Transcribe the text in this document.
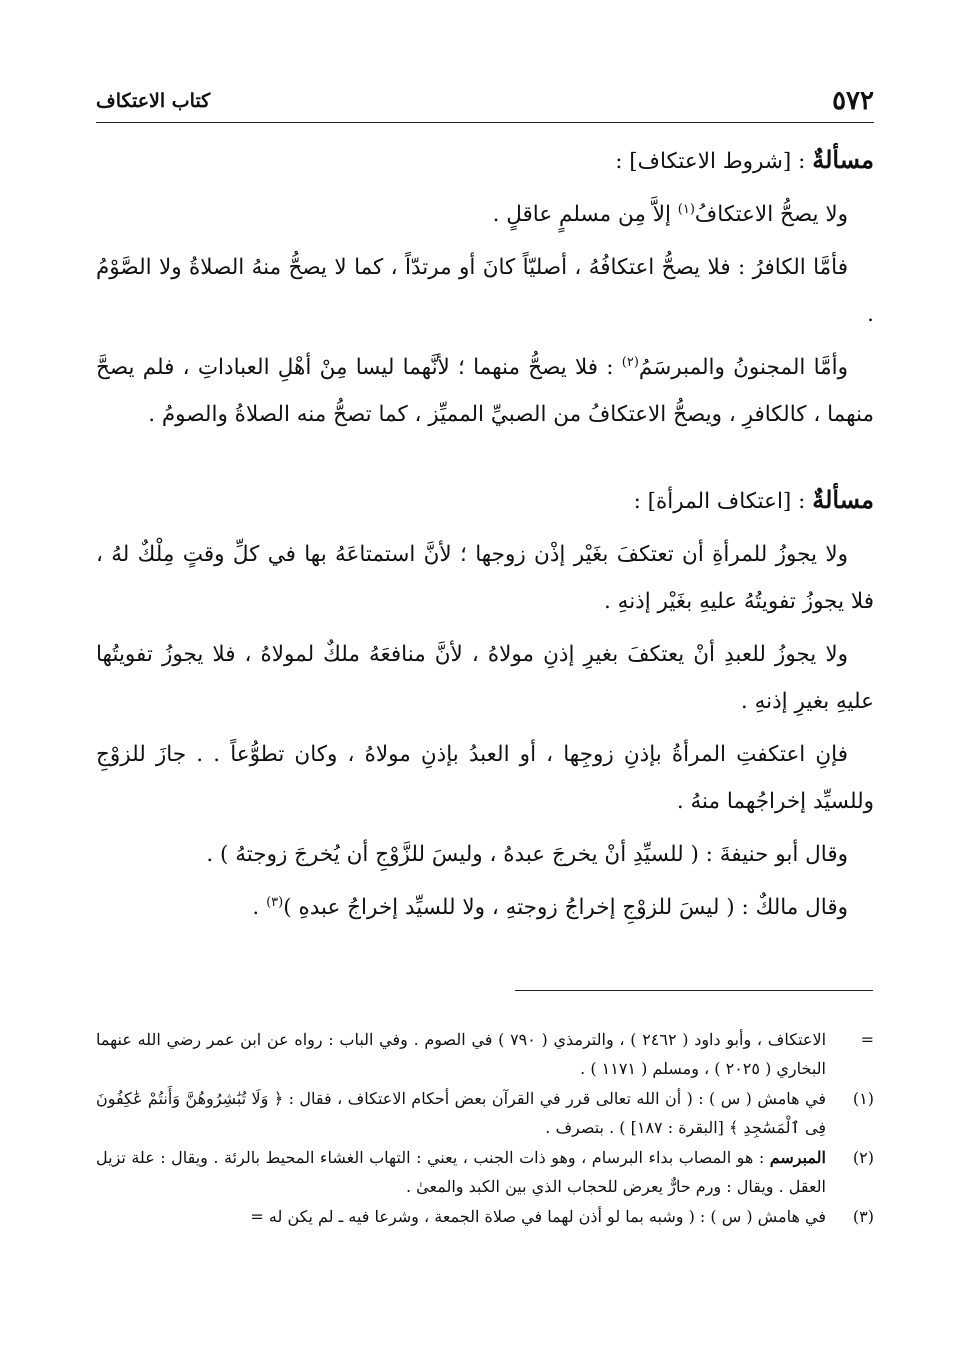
٥٧٢
كتاب الاعتكاف

مسألةٌ : [شروط الاعتكاف] :

ولا يصحُّ الاعتكافُ$^{(١)}$ إلاَّ مِن مسلمٍ عاقلٍ .

فأمَّا الكافرُ : فلا يصحُّ اعتكافُهُ ، أصليّاً كانَ أو مرتدّاً ، كما لا يصحُّ منهُ الصلاةُ ولا الصَّوْمُ .

وأمَّا المجنونُ والمبرسَمُ$^{(٢)}$ : فلا يصحُّ منهما ؛ لأنَّهما ليسا مِنْ أهْلِ العباداتِ ، فلم يصحَّ منهما ، كالكافرِ ، ويصحُّ الاعتكافُ من الصبيِّ المميِّز ، كما تصحُّ منه الصلاةُ والصومُ .

مسألةٌ : [اعتكاف المرأة] :

ولا يجوزُ للمرأةِ أن تعتكفَ بغَيْر إذْن زوجها ؛ لأنَّ استمتاعَهُ بها في كلِّ وقتٍ مِلْكٌ لهُ ، فلا يجوزُ تفويتُهُ عليهِ بغَيْر إذنهِ .

ولا يجوزُ للعبدِ أنْ يعتكفَ بغيرِ إذنِ مولاهُ ، لأنَّ منافعَهُ ملكٌ لمولاهُ ، فلا يجوزُ تفويتُها عليهِ بغيرِ إذنهِ .

فإنِ اعتكفتِ المرأةُ بإذنِ زوجِها ، أو العبدُ بإذنِ مولاهُ ، وكان تطوُّعاً . . جازَ للزوْجِ وللسيِّد إخراجُهما منهُ .

وقال أبو حنيفةَ : ( للسيِّدِ أنْ يخرجَ عبدهُ ، وليسَ للزَّوْجِ أن يُخرجَ زوجتهُ ) .

وقال مالكٌ : ( ليسَ للزوْجِ إخراجُ زوجتهِ ، ولا للسيِّد إخراجُ عبدهِ )$^{(٣)}$ .

=
الاعتكاف ، وأبو داود ( ٢٤٦٢ ) ، والترمذي ( ٧٩٠ ) في الصوم . وفي الباب : رواه عن ابن عمر رضي الله عنهما البخاري ( ٢٠٢٥ ) ، ومسلم ( ١١٧١ ) .
(١)
في هامش ( س ) : ( أن الله تعالى قرر في القرآن بعض أحكام الاعتكاف ، فقال : ﴿ وَلَا تُبَٰشِرُوهُنَّ وَأَنتُمْ عَٰكِفُونَ فِى ٱلْمَسَٰجِدِ ﴾ [البقرة : ١٨٧] ) . بتصرف .
(٢)
المبرسم : هو المصاب بداء البرسام ، وهو ذات الجنب ، يعني : التهاب الغشاء المحيط بالرئة . ويقال : علة تزيل العقل . ويقال : ورم حارٌّ يعرض للحجاب الذي بين الكبد والمعىٰ .
(٣)
في هامش ( س ) : ( وشبه بما لو أذن لهما في صلاة الجمعة ، وشرعا فيه ـ لم يكن له =
